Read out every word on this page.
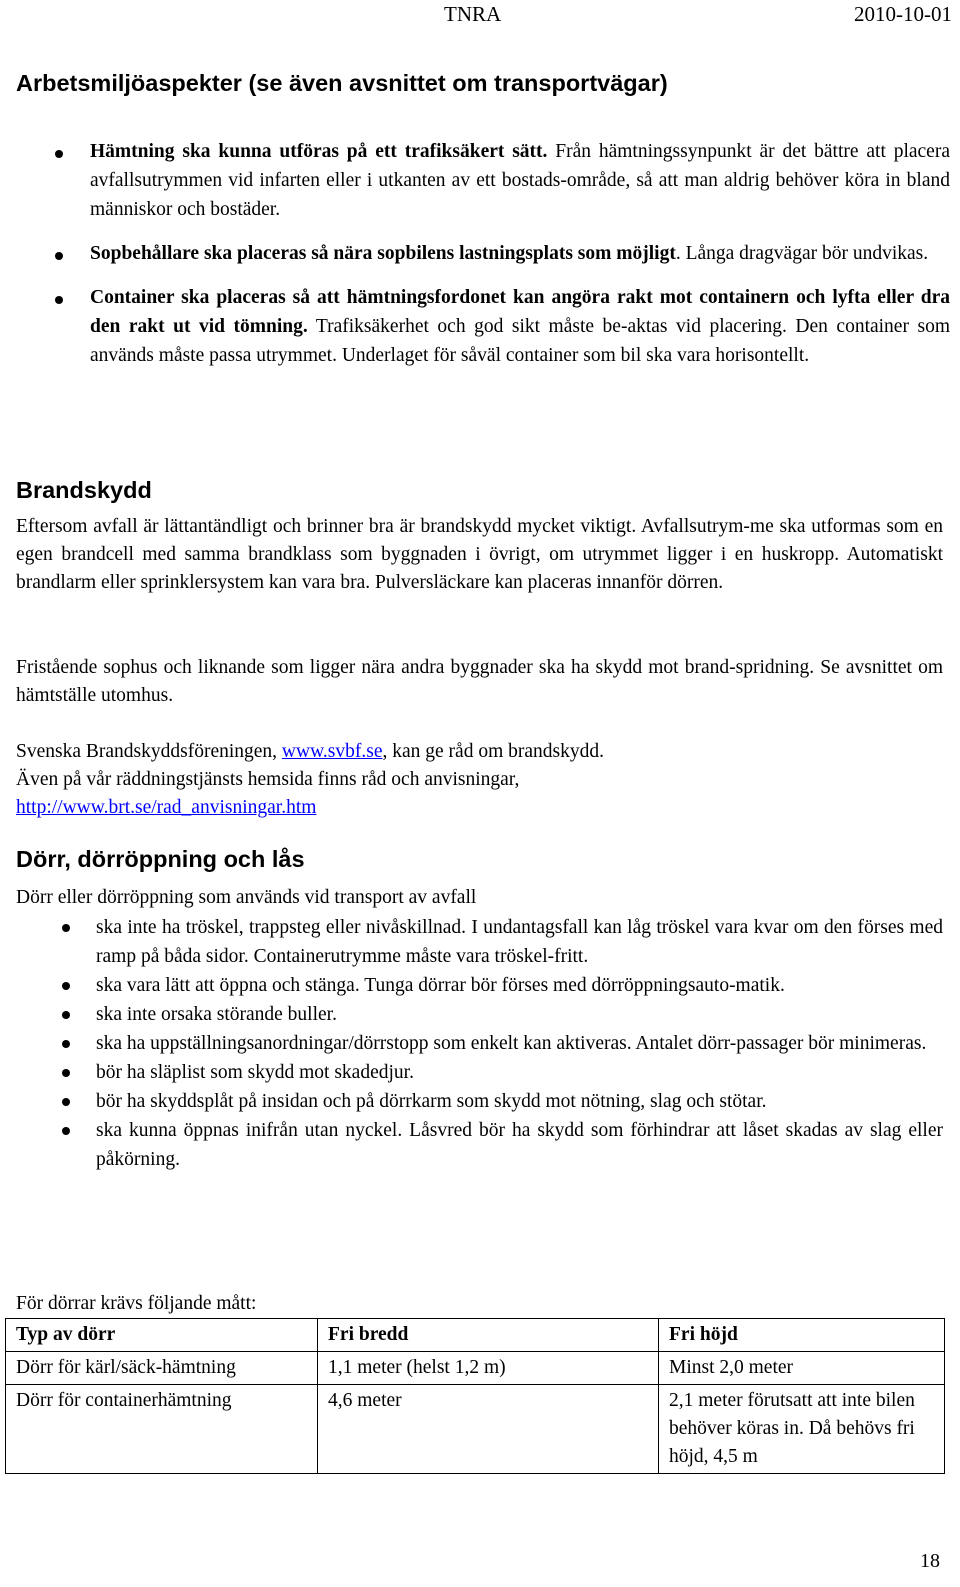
TNRA	2010-10-01
Arbetsmiljöaspekter (se även avsnittet om transportvägar)
Hämtning ska kunna utföras på ett trafiksäkert sätt. Från hämtningssynpunkt är det bättre att placera avfallsutrymmen vid infarten eller i utkanten av ett bostads-område, så att man aldrig behöver köra in bland människor och bostäder.
Sopbehållare ska placeras så nära sopbilens lastningsplats som möjligt. Långa dragvägar bör undvikas.
Container ska placeras så att hämtningsfordonet kan angöra rakt mot containern och lyfta eller dra den rakt ut vid tömning. Trafiksäkerhet och god sikt måste be-aktas vid placering. Den container som används måste passa utrymmet. Underlaget för såväl container som bil ska vara horisontellt.
Brandskydd

Eftersom avfall är lättantändligt och brinner bra är brandskydd mycket viktigt. Avfallsutrym-me ska utformas som en egen brandcell med samma brandklass som byggnaden i övrigt, om utrymmet ligger i en huskropp. Automatiskt brandlarm eller sprinklersystem kan vara bra. Pulversläckare kan placeras innanför dörren.

Fristående sophus och liknande som ligger nära andra byggnader ska ha skydd mot brand-spridning. Se avsnittet om hämtställe utomhus.

Svenska Brandskyddsföreningen, www.svbf.se, kan ge råd om brandskydd.
Även på vår räddningstjänsts hemsida finns råd och anvisningar,
http://www.brt.se/rad_anvisningar.htm

Dörr, dörröppning och lås

Dörr eller dörröppning som används vid transport av avfall

ska inte ha tröskel, trappsteg eller nivåskillnad. I undantagsfall kan låg tröskel vara kvar om den förses med ramp på båda sidor. Containerutrymme måste vara tröskel-fritt.
ska vara lätt att öppna och stänga. Tunga dörrar bör förses med dörröppningsauto-matik.
ska inte orsaka störande buller.
ska ha uppställningsanordningar/dörrstopp som enkelt kan aktiveras. Antalet dörr-passager bör minimeras.
bör ha släplist som skydd mot skadedjur.
bör ha skyddsplåt på insidan och på dörrkarm som skydd mot nötning, slag och stötar.
ska kunna öppnas inifrån utan nyckel. Låsvred bör ha skydd som förhindrar att låset skadas av slag eller påkörning.

För dörrar krävs följande mått:

Typ av dörr	Fri bredd	Fri höjd
Dörr för kärl/säck-hämtning	1,1 meter (helst 1,2 m)	Minst 2,0 meter
Dörr för containerhämtning	4,6 meter	2,1 meter förutsatt att inte bilen behöver köras in. Då behövs fri höjd, 4,5 m
18
